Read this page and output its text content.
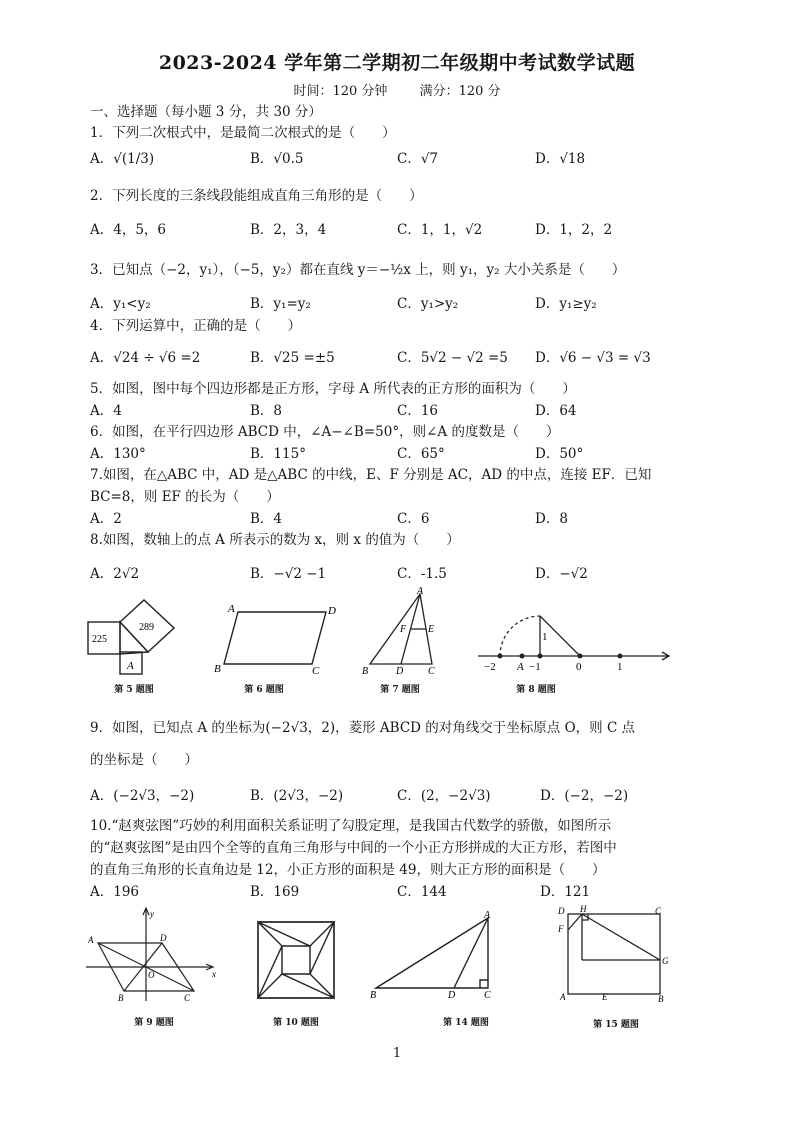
2023-2024 学年第二学期初二年级期中考试数学试题
时间：120 分钟 满分：120 分
一、选择题（每小题 3 分，共 30 分）
1．下列二次根式中，是最简二次根式的是（　　）
A．√(1/3)	B．√0.5	C．√7	D．√18
2．下列长度的三条线段能组成直角三角形的是（　　）
A．4，5，6	B．2，3，4	C．1，1，√2	D．1，2，2
3．已知点（−2，y₁），（−5，y₂）都在直线 y＝−½x 上，则 y₁，y₂ 大小关系是（　　）
A．y₁<y₂	B．y₁=y₂	C．y₁>y₂	D．y₁≥y₂
4．下列运算中，正确的是（　　）
A．√24 ÷ √6 =2	B．√25 =±5	C．5√2 − √2 =5 D．√6 − √3 = √3
5．如图，图中每个四边形都是正方形，字母 A 所代表的正方形的面积为（　　）
A．4	B．8	C．16	D．64
6．如图，在平行四边形 ABCD 中，∠A−∠B=50°，则∠A 的度数是（　　）
A．130°	B．115°	C．65°	D．50°
7.如图，在△ABC 中，AD 是△ABC 的中线，E、F 分别是 AC，AD 的中点，连接 EF．已知
BC=8，则 EF 的长为（　　）
A．2	B．4	C．6	D．8
8.如图，数轴上的点 A 所表示的数为 x，则 x 的值为（　　）
A．2√2	B．−√2 −1	C．-1.5	D．−√2
225
289
A
第 5 题图
A	D
B	C
第 6 题图
A
F E
B	D C
第 7 题图
1
−2 A −1	0	1
第 8 题图
9．如图，已知点 A 的坐标为(−2√3，2)，菱形 ABCD 的对角线交于坐标原点 O，则 C 点
的坐标是（　　）
A．(−2√3，−2)	B．(2√3，−2)	C．(2，−2√3)	D．(−2，−2)
10.“赵爽弦图”巧妙的利用面积关系证明了勾股定理，是我国古代数学的骄傲，如图所示
的“赵爽弦图”是由四个全等的直角三角形与中间的一个小正方形拼成的大正方形，若图中
的直角三角形的长直角边是 12，小正方形的面积是 49，则大正方形的面积是（　　）
A．196	B．169	C．144	D．121
y
x
O
A	D
B	C
第 9 题图	第 10 题图
A
B	D	C
第 14 题图
D H	C
F
G
A	E	B
第 15 题图
1
